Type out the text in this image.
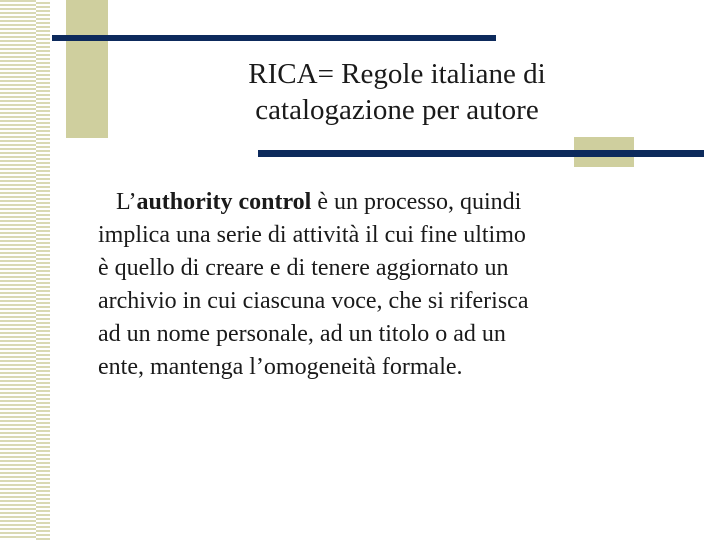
RICA= Regole italiane di
catalogazione per autore
L’authority control è un processo, quindi
implica una serie di attività il cui fine ultimo
è quello di creare e di tenere aggiornato un
archivio in cui ciascuna voce, che si riferisca
ad un nome personale, ad un titolo o ad un
ente, mantenga l’omogeneità formale.
